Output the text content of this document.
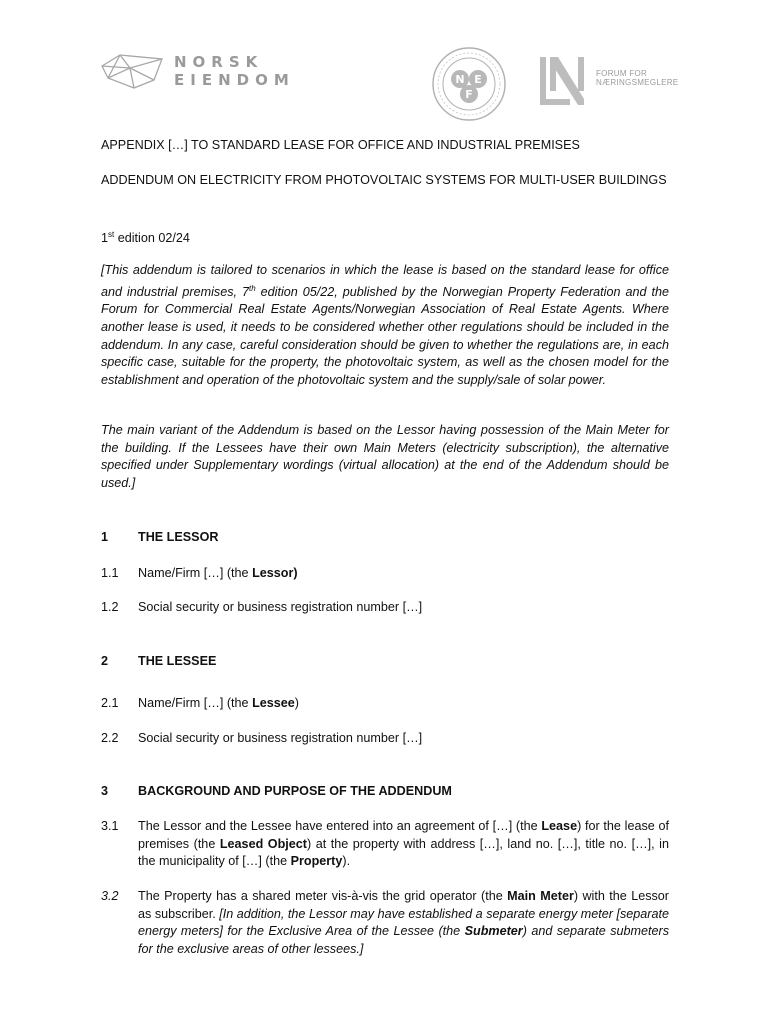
NORSK
EIENDOM	N E
F
FORUM FOR
NÆRINGSMEGLERE
APPENDIX […] TO STANDARD LEASE FOR OFFICE AND INDUSTRIAL PREMISES
ADDENDUM ON ELECTRICITY FROM PHOTOVOLTAIC SYSTEMS FOR MULTI-USER BUILDINGS
1st edition 02/24

[This addendum is tailored to scenarios in which the lease is based on the standard lease for office and industrial premises, 7th edition 05/22, published by the Norwegian Property Federation and the Forum for Commercial Real Estate Agents/Norwegian Association of Real Estate Agents. Where another lease is used, it needs to be considered whether other regulations should be included in the addendum. In any case, careful consideration should be given to whether the regulations are, in each specific case, suitable for the property, the photovoltaic system, as well as the chosen model for the establishment and operation of the photovoltaic system and the supply/sale of solar power.

The main variant of the Addendum is based on the Lessor having possession of the Main Meter for the building. If the Lessees have their own Main Meters (electricity subscription), the alternative specified under Supplementary wordings (virtual allocation) at the end of the Addendum should be used.]

1 THE LESSOR
1.1 Name/Firm […] (the Lessor)
1.2 Social security or business registration number […]
2 THE LESSEE
2.1 Name/Firm […] (the Lessee)
2.2 Social security or business registration number […]
3 BACKGROUND AND PURPOSE OF THE ADDENDUM
3.1 The Lessor and the Lessee have entered into an agreement of […] (the Lease) for the lease of premises (the Leased Object) at the property with address […], land no. […], title no. […], in the municipality of […] (the Property).

3.2 The Property has a shared meter vis-à-vis the grid operator (the Main Meter) with the Lessor as subscriber. [In addition, the Lessor may have established a separate energy meter [separate energy meters] for the Exclusive Area of the Lessee (the Submeter) and separate submeters for the exclusive areas of other lessees.]
